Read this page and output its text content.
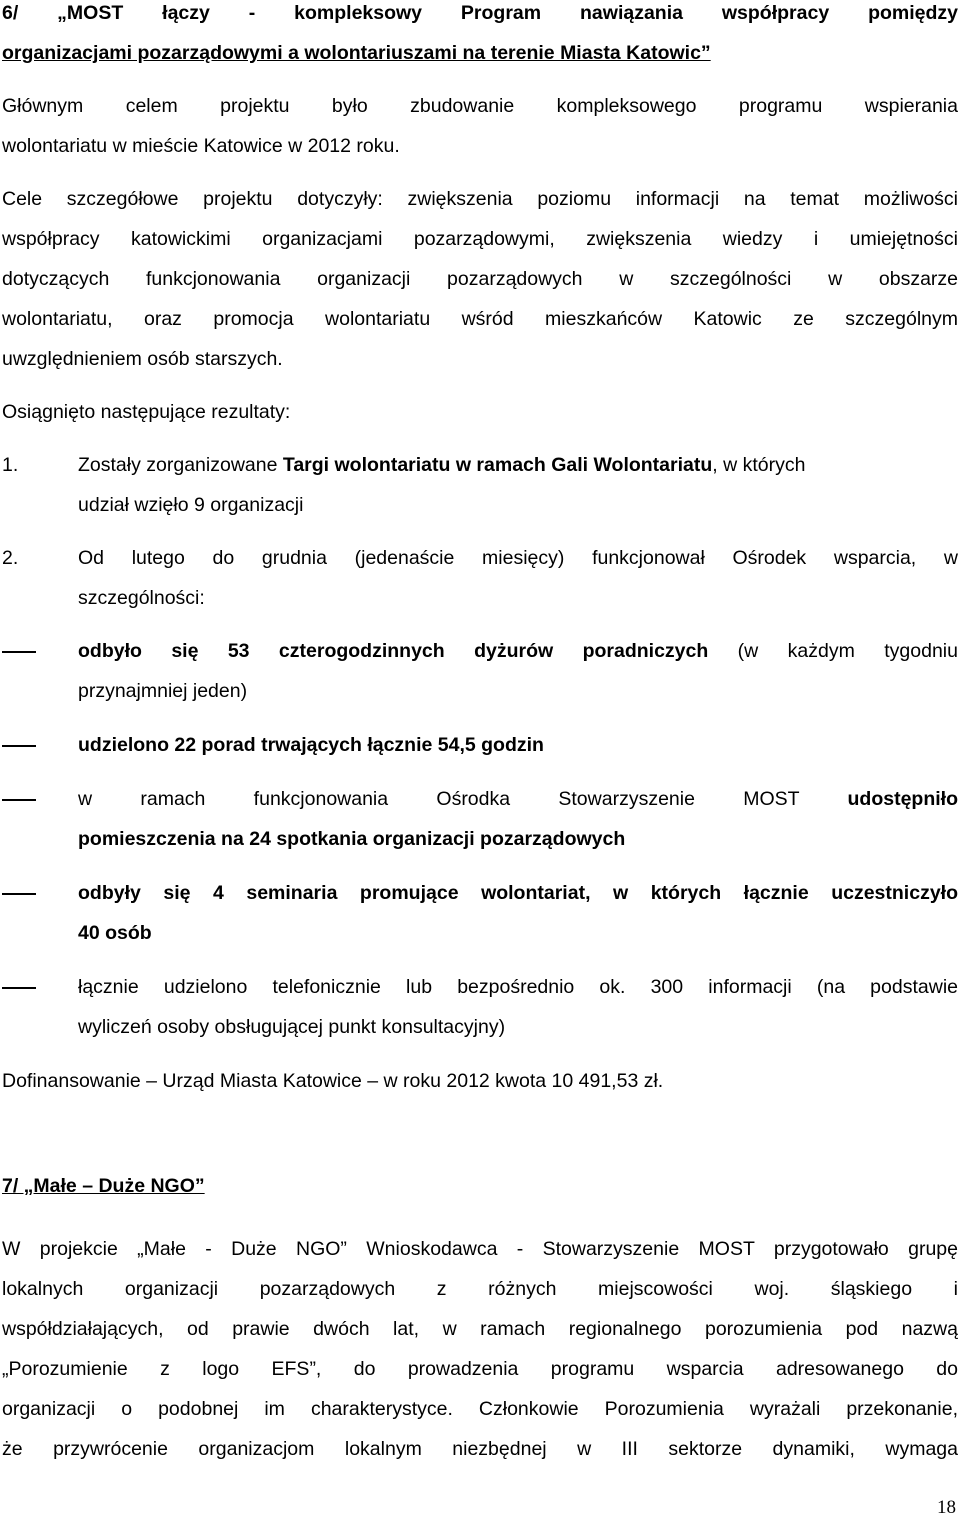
6/ „MOST łączy - kompleksowy Program nawiązania współpracy pomiędzy
organizacjami pozarządowymi a wolontariuszami na terenie Miasta Katowic”
Głównym celem projektu było zbudowanie kompleksowego programu wspierania
wolontariatu w mieście Katowice w 2012 roku.
Cele szczegółowe projektu dotyczyły: zwiększenia poziomu informacji na temat możliwości
współpracy katowickimi organizacjami pozarządowymi, zwiększenia wiedzy i umiejętności
dotyczących funkcjonowania organizacji pozarządowych w szczególności w obszarze
wolontariatu, oraz promocja wolontariatu wśród mieszkańców Katowic ze szczególnym
uwzględnieniem osób starszych.
Osiągnięto następujące rezultaty:
1.	Zostały zorganizowane Targi wolontariatu w ramach Gali Wolontariatu, w których
udział wzięło 9 organizacji
2.	Od lutego do grudnia (jedenaście miesięcy) funkcjonował Ośrodek wsparcia, w
szczególności:
odbyło się 53 czterogodzinnych dyżurów poradniczych (w każdym tygodniu
przynajmniej jeden)
udzielono 22 porad trwających łącznie 54,5 godzin
w ramach funkcjonowania Ośrodka Stowarzyszenie MOST udostępniło
pomieszczenia na 24 spotkania organizacji pozarządowych
odbyły się 4 seminaria promujące wolontariat, w których łącznie uczestniczyło
40 osób
łącznie udzielono telefonicznie lub bezpośrednio ok. 300 informacji (na podstawie
wyliczeń osoby obsługującej punkt konsultacyjny)
Dofinansowanie – Urząd Miasta Katowice – w roku 2012 kwota 10 491,53 zł.
7/ „Małe – Duże NGO”
W projekcie „Małe - Duże NGO” Wnioskodawca - Stowarzyszenie MOST przygotowało grupę
lokalnych organizacji pozarządowych z różnych miejscowości woj. śląskiego i
współdziałających, od prawie dwóch lat, w ramach regionalnego porozumienia pod nazwą
„Porozumienie z logo EFS”, do prowadzenia programu wsparcia adresowanego do
organizacji o podobnej im charakterystyce. Członkowie Porozumienia wyrażali przekonanie,
że przywrócenie organizacjom lokalnym niezbędnej w III sektorze dynamiki, wymaga
18
